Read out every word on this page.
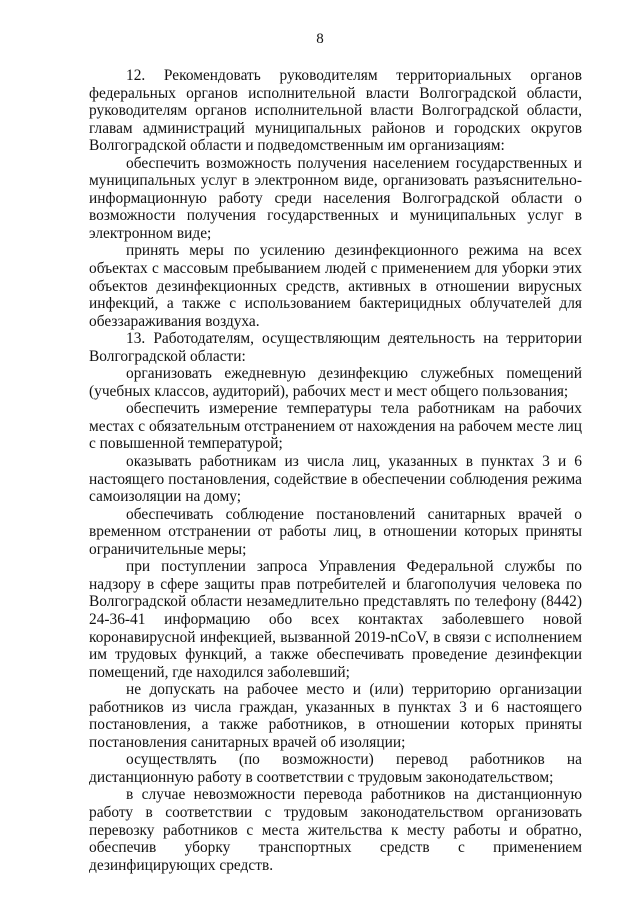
8

12. Рекомендовать руководителям территориальных органов федеральных органов исполнительной власти Волгоградской области, руководителям органов исполнительной власти Волгоградской области, главам администраций муниципальных районов и городских округов Волгоградской области и подведомственным им организациям:

обеспечить возможность получения населением государственных и муниципальных услуг в электронном виде, организовать разъяснительно-информационную работу среди населения Волгоградской области о возможности получения государственных и муниципальных услуг в электронном виде;

принять меры по усилению дезинфекционного режима на всех объектах с массовым пребыванием людей с применением для уборки этих объектов дезинфекционных средств, активных в отношении вирусных инфекций, а также с использованием бактерицидных облучателей для обеззараживания воздуха.

13. Работодателям, осуществляющим деятельность на территории Волгоградской области:

организовать ежедневную дезинфекцию служебных помещений (учебных классов, аудиторий), рабочих мест и мест общего пользования;

обеспечить измерение температуры тела работникам на рабочих местах с обязательным отстранением от нахождения на рабочем месте лиц с повышенной температурой;

оказывать работникам из числа лиц, указанных в пунктах 3 и 6 настоящего постановления, содействие в обеспечении соблюдения режима самоизоляции на дому;

обеспечивать соблюдение постановлений санитарных врачей о временном отстранении от работы лиц, в отношении которых приняты ограничительные меры;

при поступлении запроса Управления Федеральной службы по надзору в сфере защиты прав потребителей и благополучия человека по Волгоградской области незамедлительно представлять по телефону (8442) 24-36-41 информацию обо всех контактах заболевшего новой коронавирусной инфекцией, вызванной 2019-nCoV, в связи с исполнением им трудовых функций, а также обеспечивать проведение дезинфекции помещений, где находился заболевший;

не допускать на рабочее место и (или) территорию организации работников из числа граждан, указанных в пунктах 3 и 6 настоящего постановления, а также работников, в отношении которых приняты постановления санитарных врачей об изоляции;

осуществлять (по возможности) перевод работников на дистанционную работу в соответствии с трудовым законодательством;

в случае невозможности перевода работников на дистанционную работу в соответствии с трудовым законодательством организовать перевозку работников с места жительства к месту работы и обратно, обеспечив уборку транспортных средств с применением дезинфицирующих средств.
